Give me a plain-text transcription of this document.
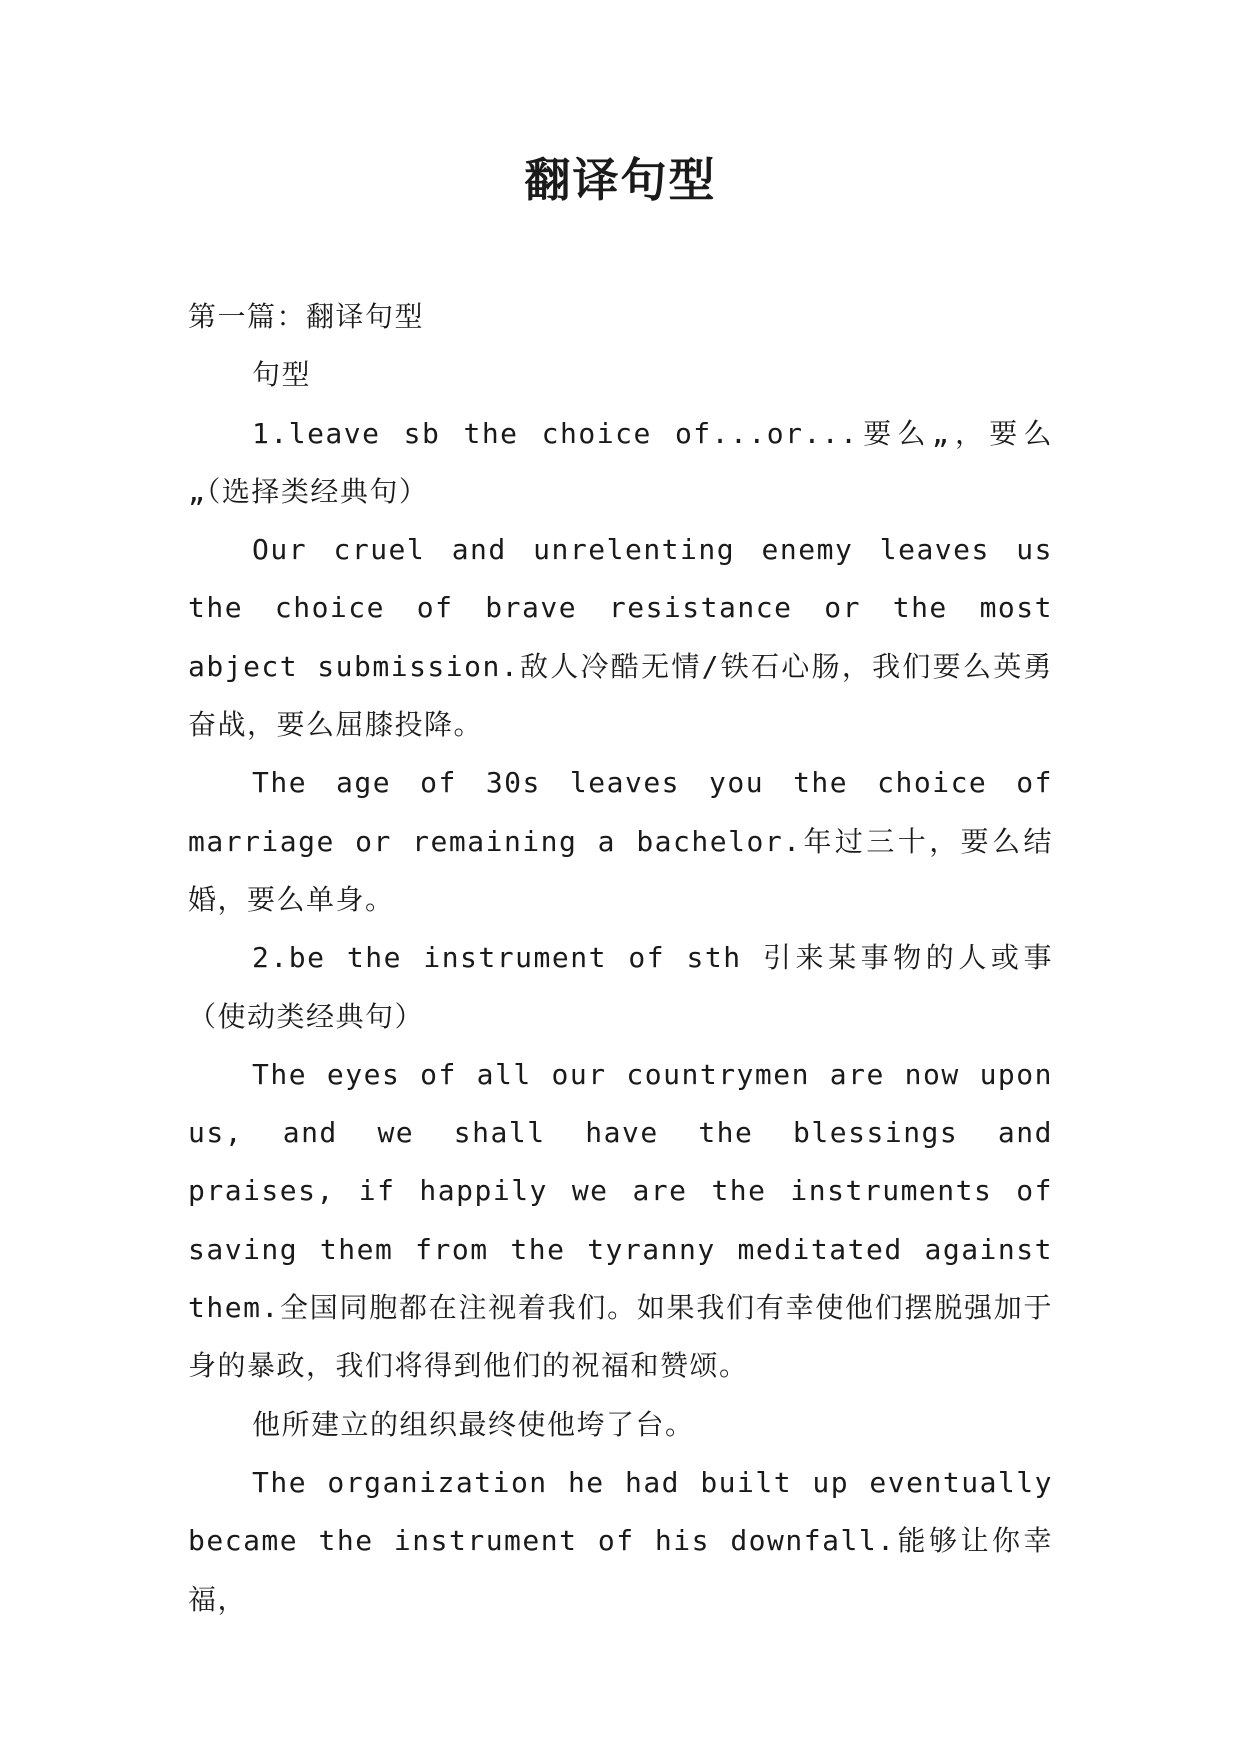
翻译句型

第一篇：翻译句型

句型

1.leave sb the choice of...or...要么„，要么„（选择类经典句）

Our cruel and unrelenting enemy leaves us the choice of brave resistance or the most abject submission.敌人冷酷无情/铁石心肠，我们要么英勇奋战，要么屈膝投降。

The age of 30s leaves you the choice of marriage or remaining a bachelor.年过三十，要么结婚，要么单身。

2.be the instrument of sth 引来某事物的人或事（使动类经典句）

The eyes of all our countrymen are now upon us, and we shall have the blessings and praises, if happily we are the instruments of saving them from the tyranny meditated against them.全国同胞都在注视着我们。如果我们有幸使他们摆脱强加于身的暴政，我们将得到他们的祝福和赞颂。

他所建立的组织最终使他垮了台。

The organization he had built up eventually became the instrument of his downfall.能够让你幸福，
